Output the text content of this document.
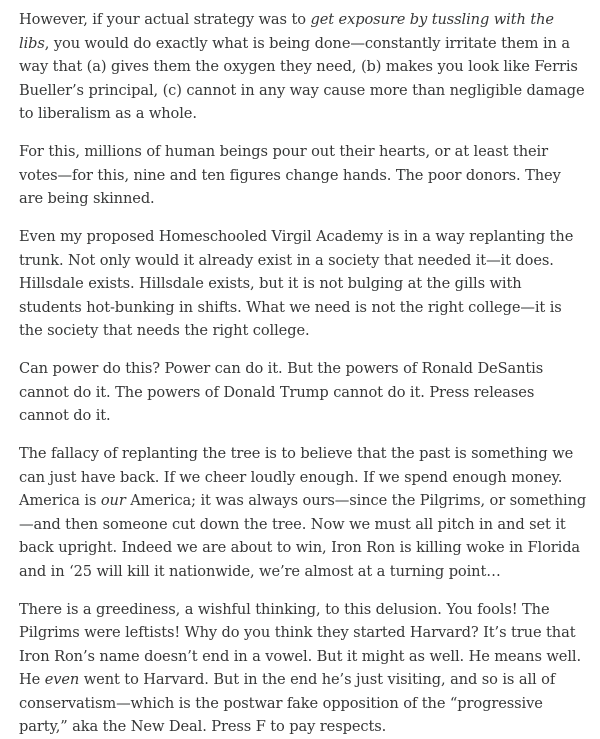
However, if your actual strategy was to get exposure by tussling with the libs, you would do exactly what is being done—constantly irritate them in a way that (a) gives them the oxygen they need, (b) makes you look like Ferris Bueller’s principal, (c) cannot in any way cause more than negligible damage to liberalism as a whole.

For this, millions of human beings pour out their hearts, or at least their votes—for this, nine and ten figures change hands. The poor donors. They are being skinned.

Even my proposed Homeschooled Virgil Academy is in a way replanting the trunk. Not only would it already exist in a society that needed it—it does. Hillsdale exists. Hillsdale exists, but it is not bulging at the gills with students hot-bunking in shifts. What we need is not the right college—it is the society that needs the right college.

Can power do this? Power can do it. But the powers of Ronald DeSantis cannot do it. The powers of Donald Trump cannot do it. Press releases cannot do it.

The fallacy of replanting the tree is to believe that the past is something we can just have back. If we cheer loudly enough. If we spend enough money. America is our America; it was always ours—since the Pilgrims, or something—and then someone cut down the tree. Now we must all pitch in and set it back upright. Indeed we are about to win, Iron Ron is killing woke in Florida and in ‘25 will kill it nationwide, we’re almost at a turning point…

There is a greediness, a wishful thinking, to this delusion. You fools! The Pilgrims were leftists! Why do you think they started Harvard? It’s true that Iron Ron’s name doesn’t end in a vowel. But it might as well. He means well. He even went to Harvard. But in the end he’s just visiting, and so is all of conservatism—which is the postwar fake opposition of the “progressive party,” aka the New Deal. Press F to pay respects.
